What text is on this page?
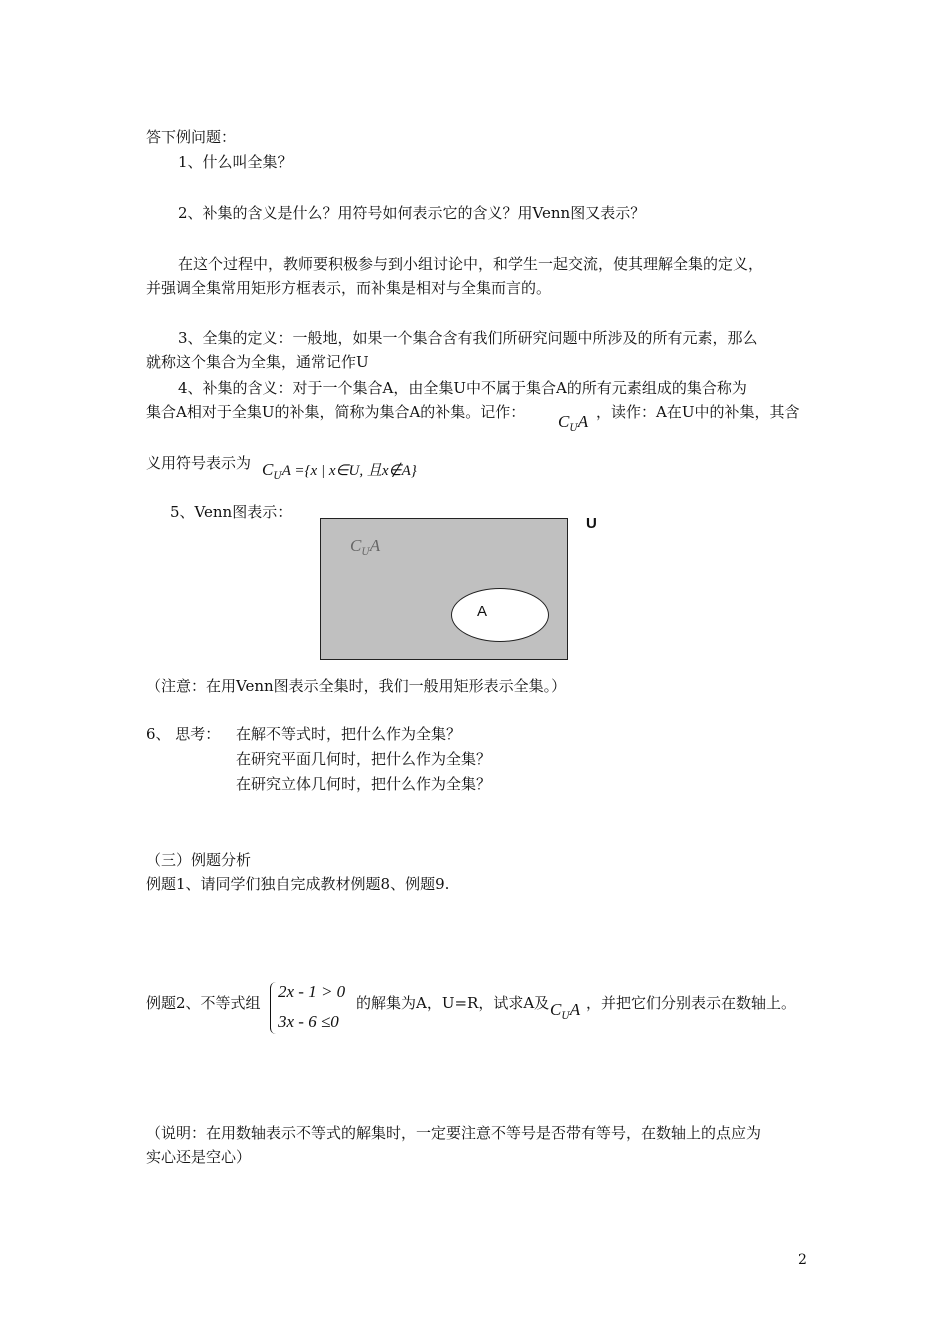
答下例问题：
1、什么叫全集？
2、补集的含义是什么？用符号如何表示它的含义？用Venn图又表示？
在这个过程中，教师要积极参与到小组讨论中，和学生一起交流，使其理解全集的定义，
并强调全集常用矩形方框表示，而补集是相对与全集而言的。
3、全集的定义：一般地，如果一个集合含有我们所研究问题中所涉及的所有元素，那么
就称这个集合为全集，通常记作U
4、补集的含义：对于一个集合A，由全集U中不属于集合A的所有元素组成的集合称为
集合A相对于全集U的补集，简称为集合A的补集。记作： $C_UA$ ，读作：A在U中的补集，其含
义用符号表示为 $C_UA =\{x$ | x∈U, 且x∉A}
5、Venn图表示：
$C_UA$
A
U
（注意：在用Venn图表示全集时，我们一般用矩形表示全集。）
6、 思考： 在解不等式时，把什么作为全集？
在研究平面几何时，把什么作为全集？
在研究立体几何时，把什么作为全集？
（三）例题分析
例题1、请同学们独自完成教材例题8、例题9.
例题2、不等式组
2x - 1 > 0
3x - 6 ≤0
的解集为A，U=R，试求A及 $C_UA$ ，并把它们分别表示在数轴上。
（说明：在用数轴表示不等式的解集时，一定要注意不等号是否带有等号，在数轴上的点应为
实心还是空心）
2
